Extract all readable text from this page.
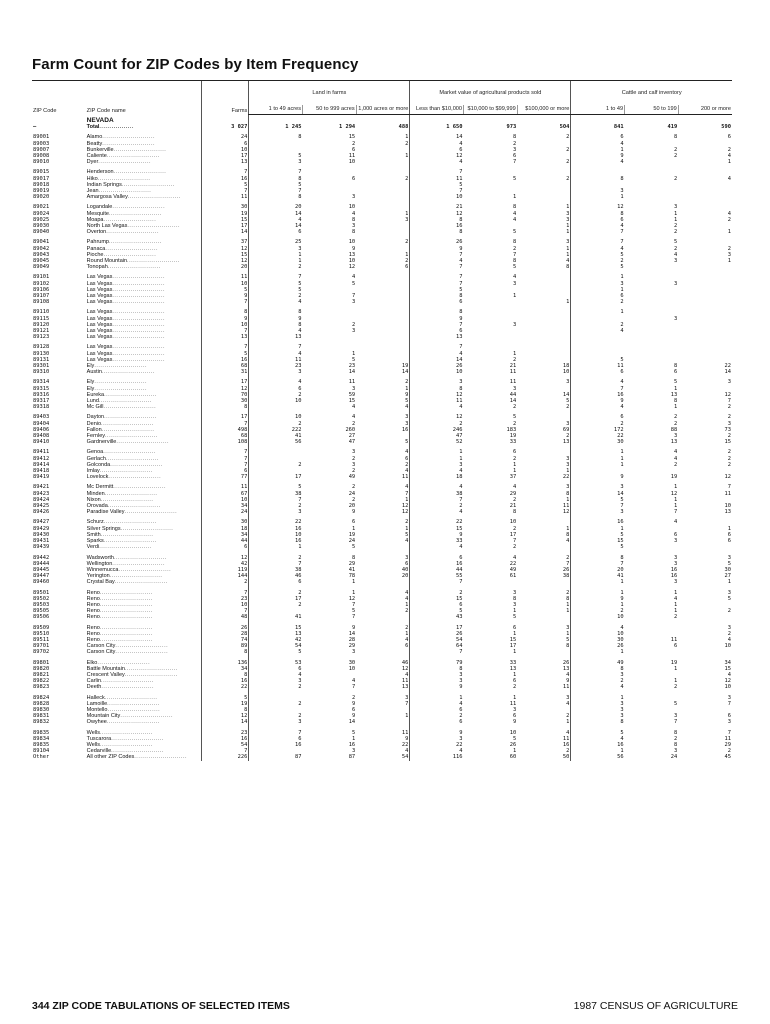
Farm Count for ZIP Codes by Item Frequency
ZIP Code	ZIP Code name	Farms	Land in farms			Market value of agricultural products sold			Cattle and calf inventory		
			1 to 49 acres	50 to 999 acres	1,000 acres or more	Less than $10,000	$10,000 to $99,999	$100,000 or more	1 to 49	50 to 199	200 or more
	NEVADA										
–	Total.................	3 027	1 245	1 294	488	1 650	973	504	841	419	590

89001	Alamo..........................	24	8	15	1	14	8	2	6	8	6
89003	Beatty..........................	6		2	2	4	2		4		
89007	Bunkerville..........................	10		6		6	3	2	1	2	2
89008	Caliente..........................	17	5	11	1	12	6		9	2	4
89010	Dyer..........................	13	3	10		4	7	2	4		1

89015	Henderson..........................	7	7			7					
89017	Hiko..........................	16	8	6	2	11	5	2	8	2	4
89018	Indian Springs..........................	5	5			5					
89019	Jean..........................	7	7			7			3		
89020	Amargosa Valley..........................	11	8	3		10	1		1		

89021	Logandale..........................	30	20	10		21	8	1	12	3	
89024	Mesquite..........................	19	14	4	1	12	4	3	8	1	4
89025	Moapa..........................	15	4	8	3	8	4	3	6	1	2
89030	North Las Vegas..........................	17	14	3		16		1	4	2	
89040	Overton..........................	14	6	8		8	5	1	7	2	1

89041	Pahrump..........................	37	25	10	2	26	8	3	7	5	
89042	Panaca..........................	12	3	9		9	2	1	4	2	2
89043	Pioche..........................	15	1	13	1	7	7	1	5	4	3
89045	Round Mountain..........................	12	1	10	2	4	8	4	2	3	1
89049	Tonopah..........................	20	2	12	6	7	5	8	5		

89101	Las Vegas..........................	11	7	4		7	4		1		
89102	Las Vegas..........................	10	5	5		7	3		3	3	
89106	Las Vegas..........................	5	5			5			1		
89107	Las Vegas..........................	9	2	7		8	1		6		
89108	Las Vegas..........................	7	4	3		6		1	2		

89110	Las Vegas..........................	8	8			8			1		
89115	Las Vegas..........................	9	9			9				3	
89120	Las Vegas..........................	10	8	2		7	3		2		
89121	Las Vegas..........................	7	4	3		6			4		
89123	Las Vegas..........................	13	13			13					

89128	Las Vegas..........................	7	7			7					
89130	Las Vegas..........................	5	4	1		4	1				
89131	Las Vegas..........................	16	11	5		14	2		5		
89301	Ely..........................	68	23	23	19	26	21	18	11	8	22
89310	Austin..........................	31	3	14	14	10	11	10	6	6	14

89314	Ely..........................	17	4	11	2	3	11	3	4	5	3
89315	Ely..........................	12	6	3	1	8	3		7	1	
89316	Eureka..........................	70	2	59	9	12	44	14	16	13	12
89317	Lund..........................	30	10	15	5	11	14	5	9	8	7
89318	Mc Gill..........................	8		4	4	4	2	2	4	1	2

89403	Dayton..........................	17	10	4	3	12	5		6	2	2
89404	Denio..........................	7	2	2	3	2	2	3	2	2	3
89406	Fallon..........................	498	222	260	16	246	183	69	172	88	73
89408	Fernley..........................	68	41	27		47	19	2	22	3	2
89410	Gardnerville..........................	108	56	47	5	52	33	13	30	13	15

89411	Genoa..........................	7		3	4	1	6		1	4	2
89412	Gerlach..........................	7		2	6	1	2	3	1	4	2
89414	Golconda..........................	7	2	3	2	3	1	3	1	2	2
89418	Imlay..........................	6		2	4	4	1	1			
89419	Lovelock..........................	77	17	49	11	18	37	22	9	19	12

89421	Mc Dermitt..........................	11	5	2	4	4	4	3	3	1	7
89423	Minden..........................	67	38	24	7	38	29	8	14	12	11
89424	Nixon..........................	10	7	2	1	7	2	1	5	1	
89425	Orovada..........................	34	2	20	12	2	21	11	7	1	10
89426	Paradise Valley..........................	24	3	9	12	4	8	12	3	7	13

89427	Schurz..........................	30	22	6	2	22	10		16	4	
89429	Silver Springs..........................	18	16	1	1	15	2	1	1		1
89430	Smith..........................	34	10	19	5	9	17	8	5	6	6
89431	Sparks..........................	44	16	24	4	33	7	4	15	3	6
89439	Verdi..........................	6	1	5		4	2		5		

89442	Wadsworth..........................	12	2	8	3	6	4	2	8	3	3
89444	Wellington..........................	42	7	29	6	16	22	7	7	3	5
89445	Winnemucca..........................	119	38	41	40	44	49	26	20	16	30
89447	Yerington..........................	144	46	78	20	55	61	38	41	16	27
89460	Crystal Bay..........................	2	6	1		7			1	3	1

89501	Reno..........................	7	2	1	4	2	3	2	1	1	3
89502	Reno..........................	23	17	12	4	15	8	8	9	4	5
89503	Reno..........................	10	2	7	1	6	3	1	1	1	
89505	Reno..........................	7		5	2	5	1	1	2	1	2
89506	Reno..........................	48	41	7		43	5		10	2	

89509	Reno..........................	26	15	9	2	17	6	3	4		3
89510	Reno..........................	28	13	14	1	26	1	1	10		2
89511	Reno..........................	74	42	28	4	54	15	5	30	11	4
89701	Carson City..........................	89	54	29	6	64	17	8	26	6	10
89702	Carson City..........................	8	5	3		7	1		1		

89801	Elko..........................	136	53	30	46	79	33	26	49	19	34
89820	Battle Mountain..........................	34	6	10	12	8	13	13	8	1	15
89821	Crescent Valley..........................	8	4		4	3	1	4	3		4
89822	Carlin..........................	16	3	4	11	3	6	9	2	1	12
89823	Deeth..........................	22	2	7	13	9	2	11	4	2	10

89824	Halleck..........................	5		2	3	1	1	3	1		3
89828	Lamoille..........................	19	2	9	7	4	11	4	3	5	7
89830	Montello..........................	8		6		6	3		3		
89831	Mountain City..........................	12	2	9	1	2	6	2	3	3	6
89832	Owyhee..........................	14	3	14		6	9	1	8	7	3

89835	Wells..........................	23	7	5	11	9	10	4	5	8	7
89834	Tuscarora..........................	16	6	1	9	3	5	11	4	2	11
89835	Wells..........................	54	16	16	22	22	26	16	16	8	29
89104	Cedarville..........................	7		3	4	4	1	2	1	3	2
Other	All other ZIP Codes..........................	226	87	87	54	116	60	50	56	24	45
344 ZIP CODE TABULATIONS OF SELECTED ITEMS	1987 CENSUS OF AGRICULTURE
